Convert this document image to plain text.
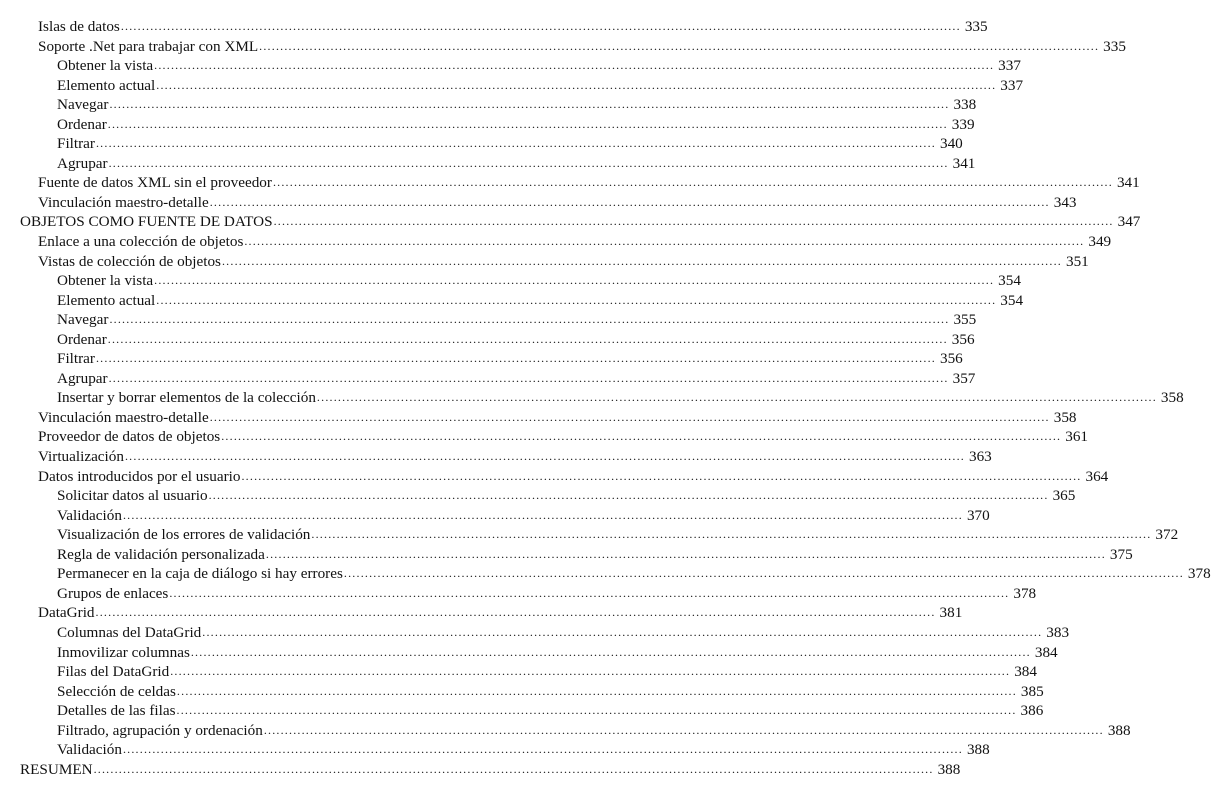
Islas de datos ........................................................................................................................................................................................................ 335
Soporte .Net para trabajar con XML ........................................................................................................................................................................................................ 335
Obtener la vista ........................................................................................................................................................................................................ 337
Elemento actual ........................................................................................................................................................................................................ 337
Navegar ........................................................................................................................................................................................................ 338
Ordenar ........................................................................................................................................................................................................ 339
Filtrar ........................................................................................................................................................................................................ 340
Agrupar ........................................................................................................................................................................................................ 341
Fuente de datos XML sin el proveedor ........................................................................................................................................................................................................ 341
Vinculación maestro-detalle ........................................................................................................................................................................................................ 343
OBJETOS COMO FUENTE DE DATOS ........................................................................................................................................................................................................ 347
Enlace a una colección de objetos ........................................................................................................................................................................................................ 349
Vistas de colección de objetos ........................................................................................................................................................................................................ 351
Obtener la vista ........................................................................................................................................................................................................ 354
Elemento actual ........................................................................................................................................................................................................ 354
Navegar ........................................................................................................................................................................................................ 355
Ordenar ........................................................................................................................................................................................................ 356
Filtrar ........................................................................................................................................................................................................ 356
Agrupar ........................................................................................................................................................................................................ 357
Insertar y borrar elementos de la colección ........................................................................................................................................................................................................ 358
Vinculación maestro-detalle ........................................................................................................................................................................................................ 358
Proveedor de datos de objetos ........................................................................................................................................................................................................ 361
Virtualización ........................................................................................................................................................................................................ 363
Datos introducidos por el usuario ........................................................................................................................................................................................................ 364
Solicitar datos al usuario ........................................................................................................................................................................................................ 365
Validación ........................................................................................................................................................................................................ 370
Visualización de los errores de validación ........................................................................................................................................................................................................ 372
Regla de validación personalizada ........................................................................................................................................................................................................ 375
Permanecer en la caja de diálogo si hay errores ........................................................................................................................................................................................................ 378
Grupos de enlaces ........................................................................................................................................................................................................ 378
DataGrid ........................................................................................................................................................................................................ 381
Columnas del DataGrid ........................................................................................................................................................................................................ 383
Inmovilizar columnas ........................................................................................................................................................................................................ 384
Filas del DataGrid ........................................................................................................................................................................................................ 384
Selección de celdas ........................................................................................................................................................................................................ 385
Detalles de las filas ........................................................................................................................................................................................................ 386
Filtrado, agrupación y ordenación ........................................................................................................................................................................................................ 388
Validación ........................................................................................................................................................................................................ 388
RESUMEN ........................................................................................................................................................................................................ 388
